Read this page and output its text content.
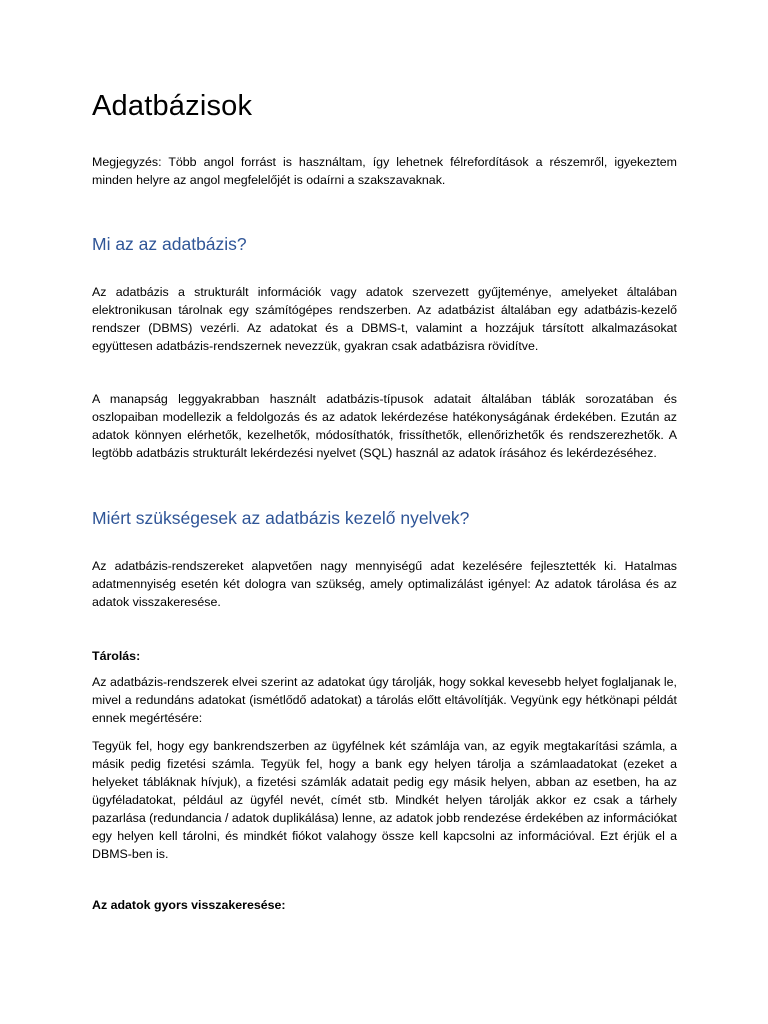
Adatbázisok

Megjegyzés: Több angol forrást is használtam, így lehetnek félrefordítások a részemről, igyekeztem minden helyre az angol megfelelőjét is odaírni a szakszavaknak.

Mi az az adatbázis?

Az adatbázis a strukturált információk vagy adatok szervezett gyűjteménye, amelyeket általában elektronikusan tárolnak egy számítógépes rendszerben. Az adatbázist általában egy adatbázis-kezelő rendszer (DBMS) vezérli. Az adatokat és a DBMS-t, valamint a hozzájuk társított alkalmazásokat együttesen adatbázis-rendszernek nevezzük, gyakran csak adatbázisra rövidítve.

A manapság leggyakrabban használt adatbázis-típusok adatait általában táblák sorozatában és oszlopaiban modellezik a feldolgozás és az adatok lekérdezése hatékonyságának érdekében. Ezután az adatok könnyen elérhetők, kezelhetők, módosíthatók, frissíthetők, ellenőrizhetők és rendszerezhetők. A legtöbb adatbázis strukturált lekérdezési nyelvet (SQL) használ az adatok írásához és lekérdezéséhez.

Miért szükségesek az adatbázis kezelő nyelvek?

Az adatbázis-rendszereket alapvetően nagy mennyiségű adat kezelésére fejlesztették ki. Hatalmas adatmennyiség esetén két dologra van szükség, amely optimalizálást igényel: Az adatok tárolása és az adatok visszakeresése.

Tárolás:

Az adatbázis-rendszerek elvei szerint az adatokat úgy tárolják, hogy sokkal kevesebb helyet foglaljanak le, mivel a redundáns adatokat (ismétlődő adatokat) a tárolás előtt eltávolítják. Vegyünk egy hétkönapi példát ennek megértésére:

Tegyük fel, hogy egy bankrendszerben az ügyfélnek két számlája van, az egyik megtakarítási számla, a másik pedig fizetési számla. Tegyük fel, hogy a bank egy helyen tárolja a számlaadatokat (ezeket a helyeket tábláknak hívjuk), a fizetési számlák adatait pedig egy másik helyen, abban az esetben, ha az ügyféladatokat, például az ügyfél nevét, címét stb. Mindkét helyen tárolják akkor ez csak a tárhely pazarlása (redundancia / adatok duplikálása) lenne, az adatok jobb rendezése érdekében az információkat egy helyen kell tárolni, és mindkét fiókot valahogy össze kell kapcsolni az információval. Ezt érjük el a DBMS-ben is.

Az adatok gyors visszakeresése:
